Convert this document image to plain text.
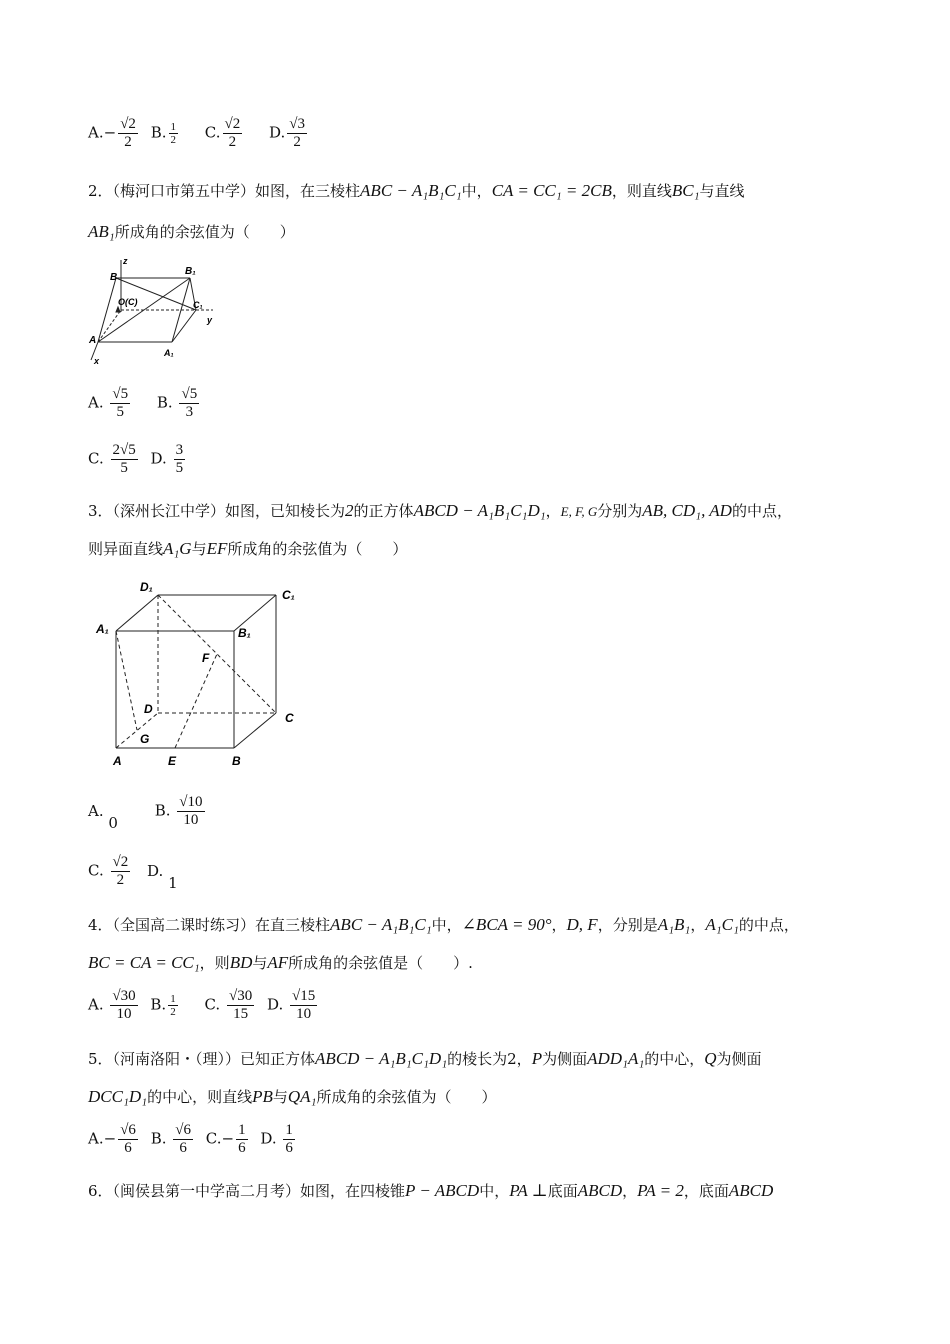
$A.- \frac{√2}{2} B$. $\frac{1}{2} C$. $\frac{√2}{2} D$. $\frac{√3}{2}$
2．（梅河口市第五中学）如图，在三棱柱ABC − A₁B₁C₁中，CA = CC₁ = 2CB，则直线BC₁与直线
AB₁所成角的余弦值为（　　）
B
z
B₁
O(C)	C₁
y
A
x
A₁
A. $\frac{√5}{5} B$. $\frac{√5}{3}$
C. $\frac{2√5}{5} D$. $\frac{3}{5}$
3．（深州长江中学）如图，已知棱长为2的正方体ABCD − A₁B₁C₁D₁，E, F, G分别为AB, CD₁, AD的中点，
则异面直线A₁G与EF所成角的余弦值为（　　）
D₁
C₁
A₁	B₁
F
D
C
G
A	E	B
A. 0 B. $\frac{√10}{10}$
C. $\frac{√2}{2} D$. 1
4．（全国高二课时练习）在直三棱柱ABC − A₁B₁C₁中，∠BCA = 90°，D, F，分别是A₁B₁，A₁C₁的中点，
BC = CA = CC₁，则BD与AF所成角的余弦值是（　　）.
A. $\frac{√30}{10} B$. $\frac{1}{2} C$. $\frac{√30}{15} D$. $\frac{√15}{10}$
5．（河南洛阳・（理））已知正方体ABCD − A₁B₁C₁D₁的棱长为2，P为侧面ADD₁A₁的中心，Q为侧面
DCC₁D₁的中心，则直线PB与QA₁所成角的余弦值为（　　）
$A.- \frac{√6}{6} B$. $\frac{√6}{6} C.- \frac{1}{6} D$. $\frac{1}{6}$
6．（闽侯县第一中学高二月考）如图，在四棱锥P − ABCD中，PA ⊥底面ABCD，PA = 2，底面ABCD
